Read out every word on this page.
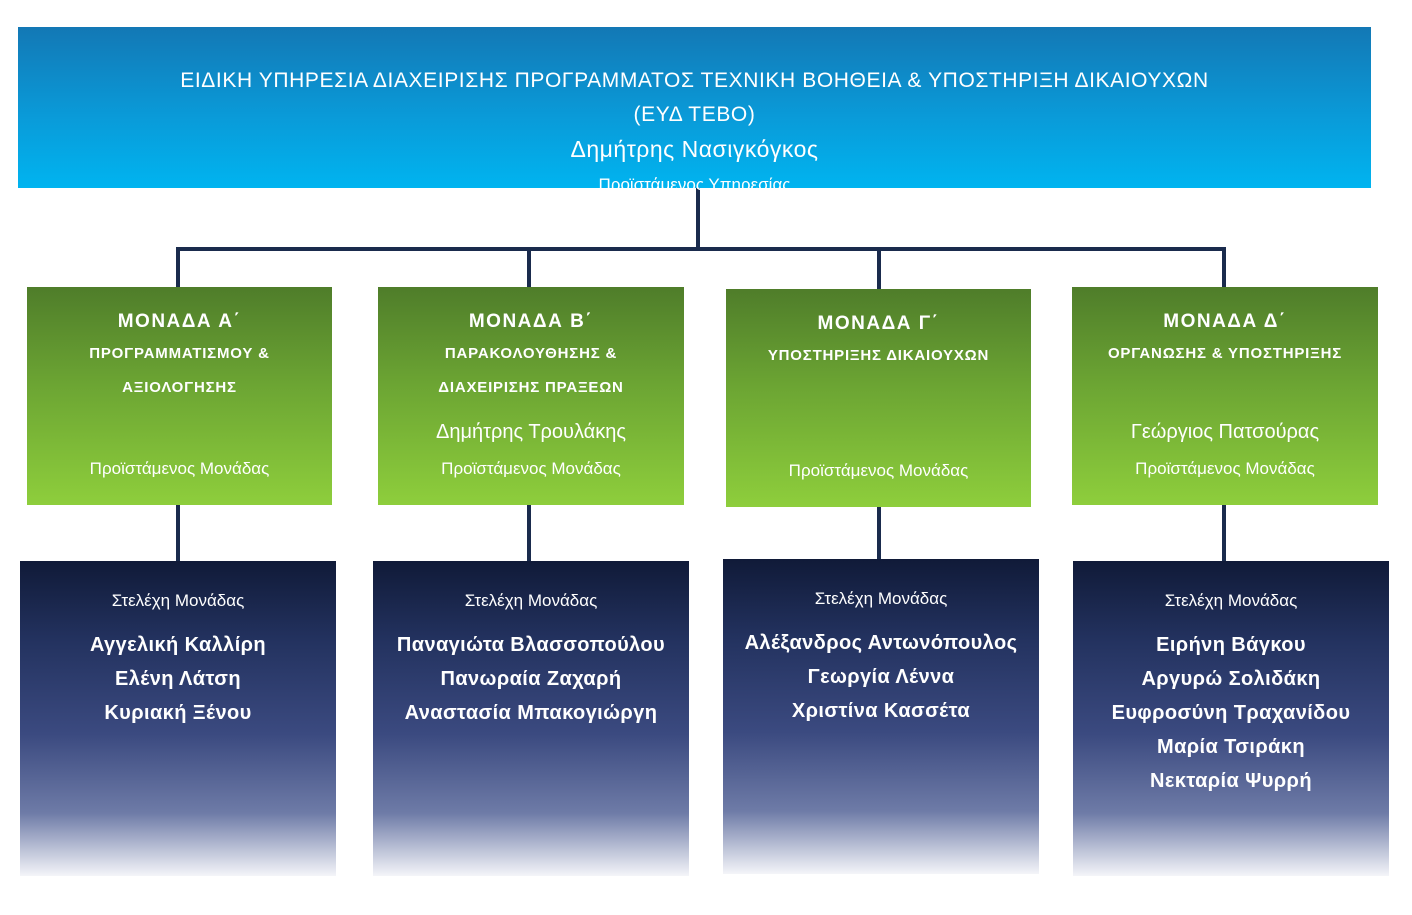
ΕΙΔΙΚΗ ΥΠΗΡΕΣΙΑ ΔΙΑΧΕΙΡΙΣΗΣ ΠΡΟΓΡΑΜΜΑΤΟΣ ΤΕΧΝΙΚΗ ΒΟΗΘΕΙΑ & ΥΠΟΣΤΗΡΙΞΗ ΔΙΚΑΙΟΥΧΩΝ
(ΕΥΔ ΤΕΒΟ)
Δημήτρης Νασιγκόγκος
Προϊστάμενος Υπηρεσίας
ΜΟΝΑΔΑ Α΄
ΠΡΟΓΡΑΜΜΑΤΙΣΜΟΥ &
ΑΞΙΟΛΟΓΗΣΗΣ
Προϊστάμενος Μονάδας
ΜΟΝΑΔΑ Β΄
ΠΑΡΑΚΟΛΟΥΘΗΣΗΣ &
ΔΙΑΧΕΙΡΙΣΗΣ ΠΡΑΞΕΩΝ
Δημήτρης Τρουλάκης
Προϊστάμενος Μονάδας
ΜΟΝΑΔΑ Γ΄
ΥΠΟΣΤΗΡΙΞΗΣ ΔΙΚΑΙΟΥΧΩΝ
Προϊστάμενος Μονάδας
ΜΟΝΑΔΑ Δ΄
ΟΡΓΑΝΩΣΗΣ & ΥΠΟΣΤΗΡΙΞΗΣ
Γεώργιος Πατσούρας
Προϊστάμενος Μονάδας
Στελέχη Μονάδας
Αγγελική Καλλίρη
Ελένη Λάτση
Κυριακή Ξένου
Στελέχη Μονάδας
Παναγιώτα Βλασσοπούλου
Πανωραία Ζαχαρή
Αναστασία Μπακογιώργη
Στελέχη Μονάδας
Αλέξανδρος Αντωνόπουλος
Γεωργία Λέννα
Χριστίνα Κασσέτα
Στελέχη Μονάδας
Ειρήνη Βάγκου
Αργυρώ Σολιδάκη
Ευφροσύνη Τραχανίδου
Μαρία Τσιράκη
Νεκταρία Ψυρρή
